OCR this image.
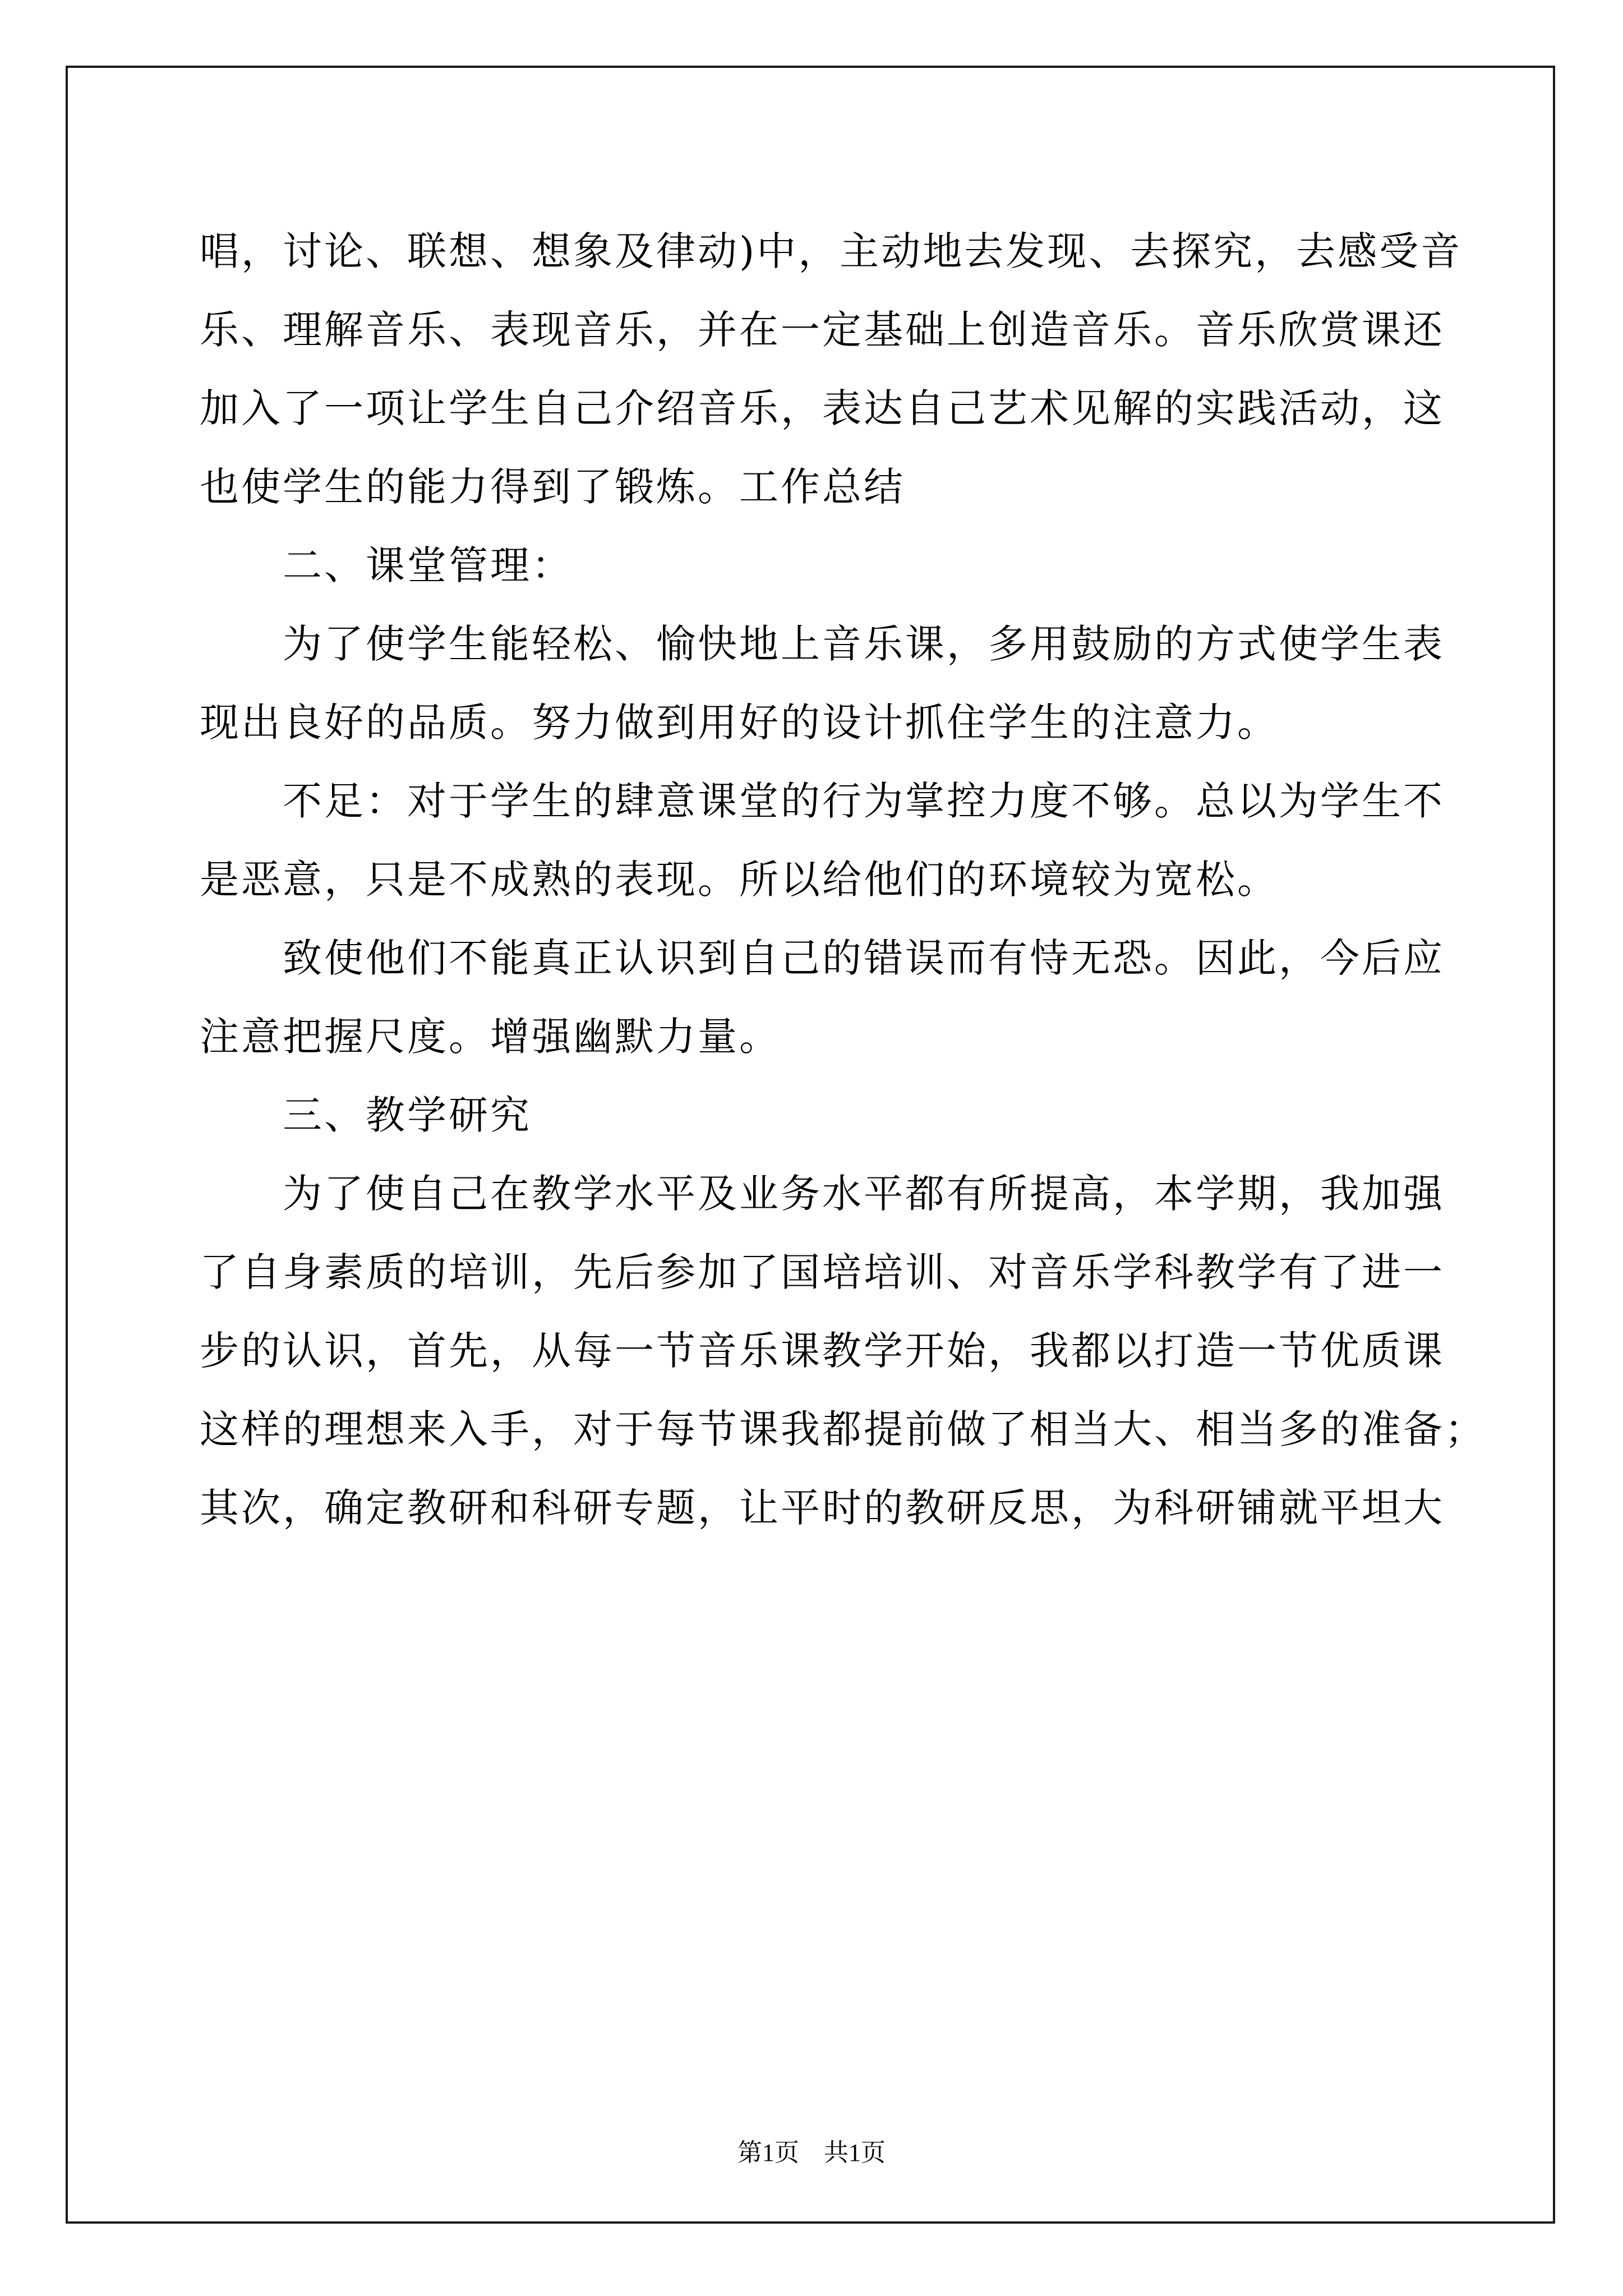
唱，讨论、联想、想象及律动)中，主动地去发现、去探究，去感受音
乐、理解音乐、表现音乐，并在一定基础上创造音乐。音乐欣赏课还
加入了一项让学生自己介绍音乐，表达自己艺术见解的实践活动，这
也使学生的能力得到了锻炼。工作总结
二、课堂管理：
为了使学生能轻松、愉快地上音乐课，多用鼓励的方式使学生表
现出良好的品质。努力做到用好的设计抓住学生的注意力。
不足：对于学生的肆意课堂的行为掌控力度不够。总以为学生不
是恶意，只是不成熟的表现。所以给他们的环境较为宽松。
致使他们不能真正认识到自己的错误而有恃无恐。因此，今后应
注意把握尺度。增强幽默力量。
三、教学研究
为了使自己在教学水平及业务水平都有所提高，本学期，我加强
了自身素质的培训，先后参加了国培培训、对音乐学科教学有了进一
步的认识，首先，从每一节音乐课教学开始，我都以打造一节优质课
这样的理想来入手，对于每节课我都提前做了相当大、相当多的准备；
其次，确定教研和科研专题，让平时的教研反思，为科研铺就平坦大
第1页　共1页
